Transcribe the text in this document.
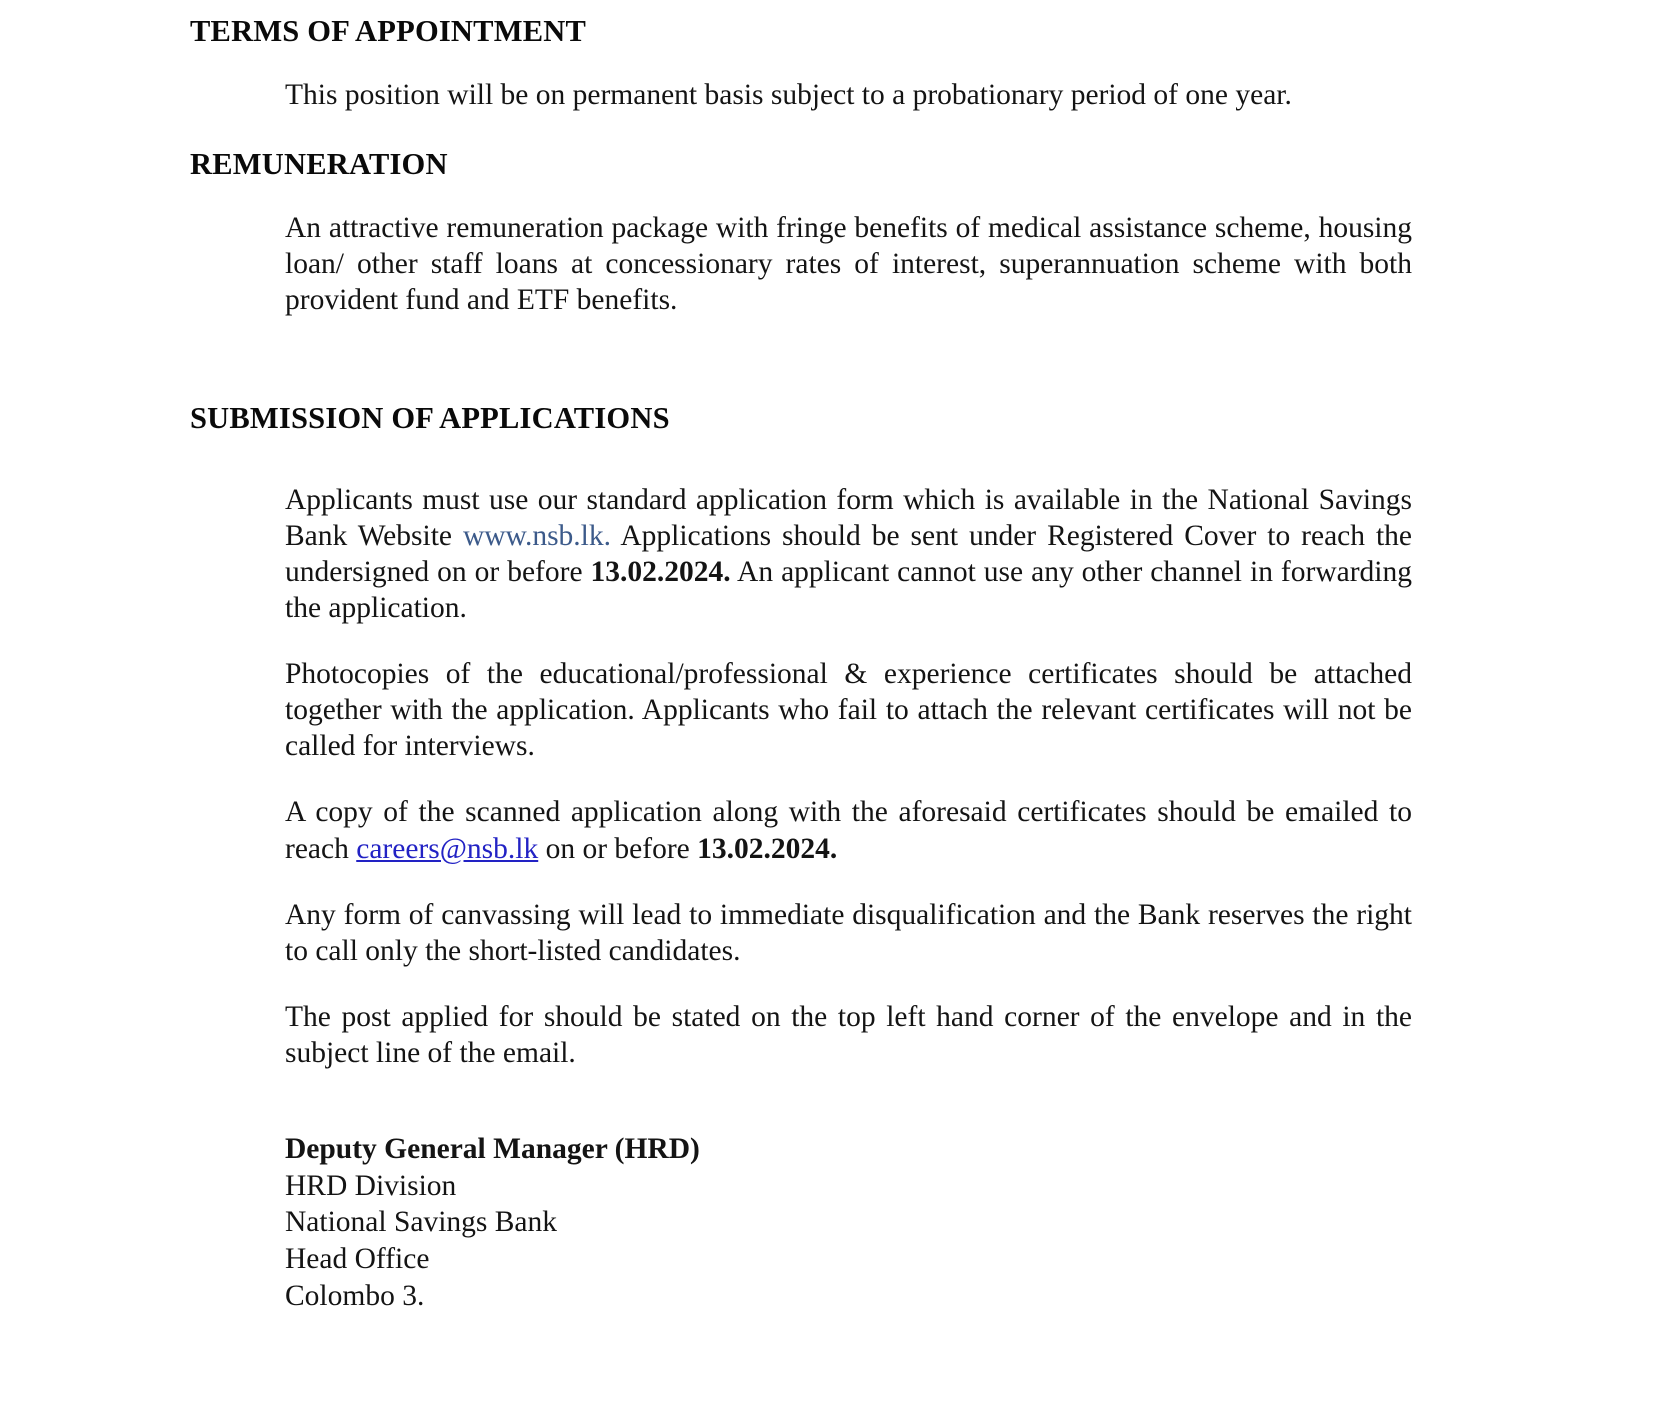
TERMS OF APPOINTMENT

This position will be on permanent basis subject to a probationary period of one year.

REMUNERATION

An attractive remuneration package with fringe benefits of medical assistance scheme, housing loan/ other staff loans at concessionary rates of interest, superannuation scheme with both provident fund and ETF benefits.

SUBMISSION OF APPLICATIONS

Applicants must use our standard application form which is available in the National Savings Bank Website www.nsb.lk. Applications should be sent under Registered Cover to reach the undersigned on or before 13.02.2024. An applicant cannot use any other channel in forwarding the application.

Photocopies of the educational/professional & experience certificates should be attached together with the application. Applicants who fail to attach the relevant certificates will not be called for interviews.

A copy of the scanned application along with the aforesaid certificates should be emailed to reach careers@nsb.lk on or before 13.02.2024.

Any form of canvassing will lead to immediate disqualification and the Bank reserves the right to call only the short-listed candidates.

The post applied for should be stated on the top left hand corner of the envelope and in the subject line of the email.

Deputy General Manager (HRD)
HRD Division
National Savings Bank
Head Office
Colombo 3.
